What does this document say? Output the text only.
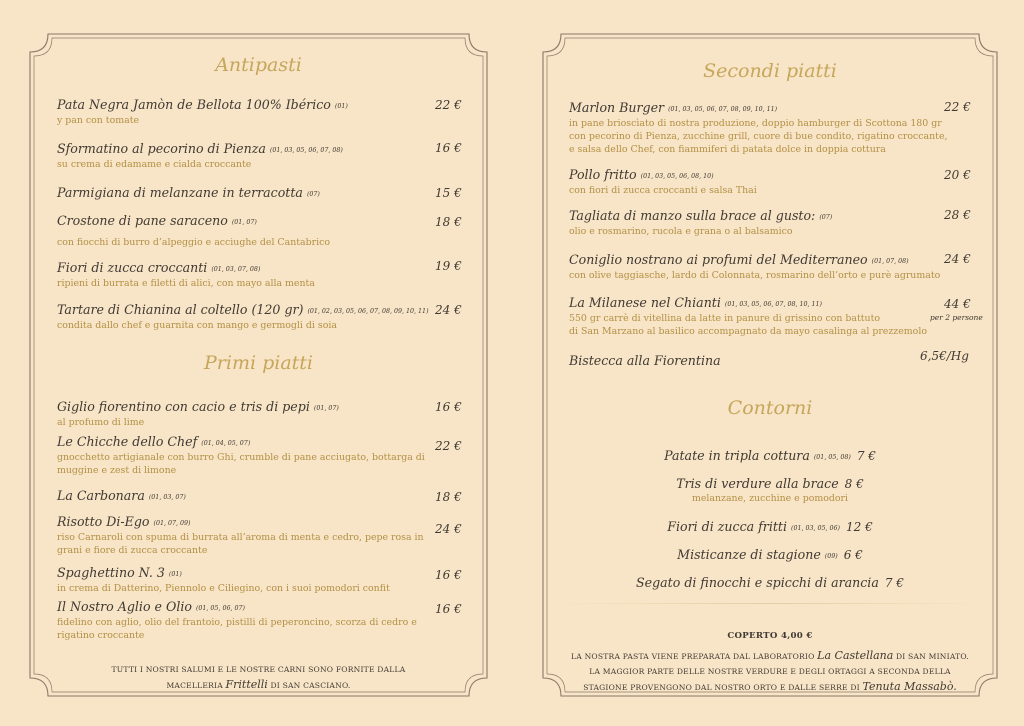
Antipasti
Pata Negra Jamòn de Bellota 100% Ibérico (01)
y pan con tomate
22 €
Sformatino al pecorino di Pienza (01, 03, 05, 06, 07, 08)
su crema di edamame e cialda croccante
16 €
Parmigiana di melanzane in terracotta (07)	15 €
Crostone di pane saraceno (01, 07)
con fiocchi di burro d’alpeggio e acciughe del Cantabrico
18 €
Fiori di zucca croccanti (01, 03, 07, 08)
ripieni di burrata e filetti di alici, con mayo alla menta
19 €
Tartare di Chianina al coltello (120 gr) (01, 02, 03, 05, 06, 07, 08, 09, 10, 11)
condita dallo chef e guarnita con mango e germogli di soia
24 €
Primi piatti
Giglio fiorentino con cacio e tris di pepi (01, 07)
al profumo di lime
16 €
Le Chicche dello Chef (01, 04, 05, 07)
gnocchetto artigianale con burro Ghi, crumble di pane acciugato, bottarga di
muggine e zest di limone
22 €
La Carbonara (01, 03, 07)	18 €
Risotto Di-Ego (01, 07, 09)
riso Carnaroli con spuma di burrata all’aroma di menta e cedro, pepe rosa in
grani e fiore di zucca croccante
24 €
Spaghettino N. 3 (01)
in crema di Datterino, Piennolo e Ciliegino, con i suoi pomodori confit
16 €
Il Nostro Aglio e Olio (01, 05, 06, 07)
fidelino con aglio, olio del frantoio, pistilli di peperoncino, scorza di cedro e
rigatino croccante
16 €
TUTTI I NOSTRI SALUMI E LE NOSTRE CARNI SONO FORNITE DALLA
MACELLERIA Frittelli DI SAN CASCIANO.
Secondi piatti
Marlon Burger (01, 03, 05, 06, 07, 08, 09, 10, 11)
in pane brioscìato di nostra produzione, doppio hamburger di Scottona 180 gr
con pecorino di Pienza, zucchine grill, cuore di bue condito, rigatino croccante,
e salsa dello Chef, con fiammiferi di patata dolce in doppia cottura
22 €
Pollo fritto (01, 03, 05, 06, 08, 10)
con fiori di zucca croccanti e salsa Thai
20 €
Tagliata di manzo sulla brace al gusto: (07)
olio e rosmarino, rucola e grana o al balsamico
28 €
Coniglio nostrano ai profumi del Mediterraneo (01, 07, 08)
con olive taggiasche, lardo di Colonnata, rosmarino dell’orto e purè agrumato
24 €
La Milanese nel Chianti (01, 03, 05, 06, 07, 08, 10, 11)
550 gr carrè di vitellina da latte in panure di grissino con battuto
di San Marzano al basilico accompagnato da mayo casalinga al prezzemolo
44 €
per 2 persone
Bistecca alla Fiorentina	6,5€/Hg
Contorni
Patate in tripla cottura (01, 05, 08) 7 €
Tris di verdure alla brace 8 €
melanzane, zucchine e pomodori
Fiori di zucca fritti (01, 03, 05, 06) 12 €
Misticanze di stagione (09) 6 €
Segato di finocchi e spicchi di arancia 7 €
COPERTO 4,00 €
LA NOSTRA PASTA VIENE PREPARATA DAL LABORATORIO La Castellana DI SAN MINIATO.
LA MAGGIOR PARTE DELLE NOSTRE VERDURE E DEGLI ORTAGGI A SECONDA DELLA
STAGIONE PROVENGONO DAL NOSTRO ORTO E DALLE SERRE DI Tenuta Massabò.
